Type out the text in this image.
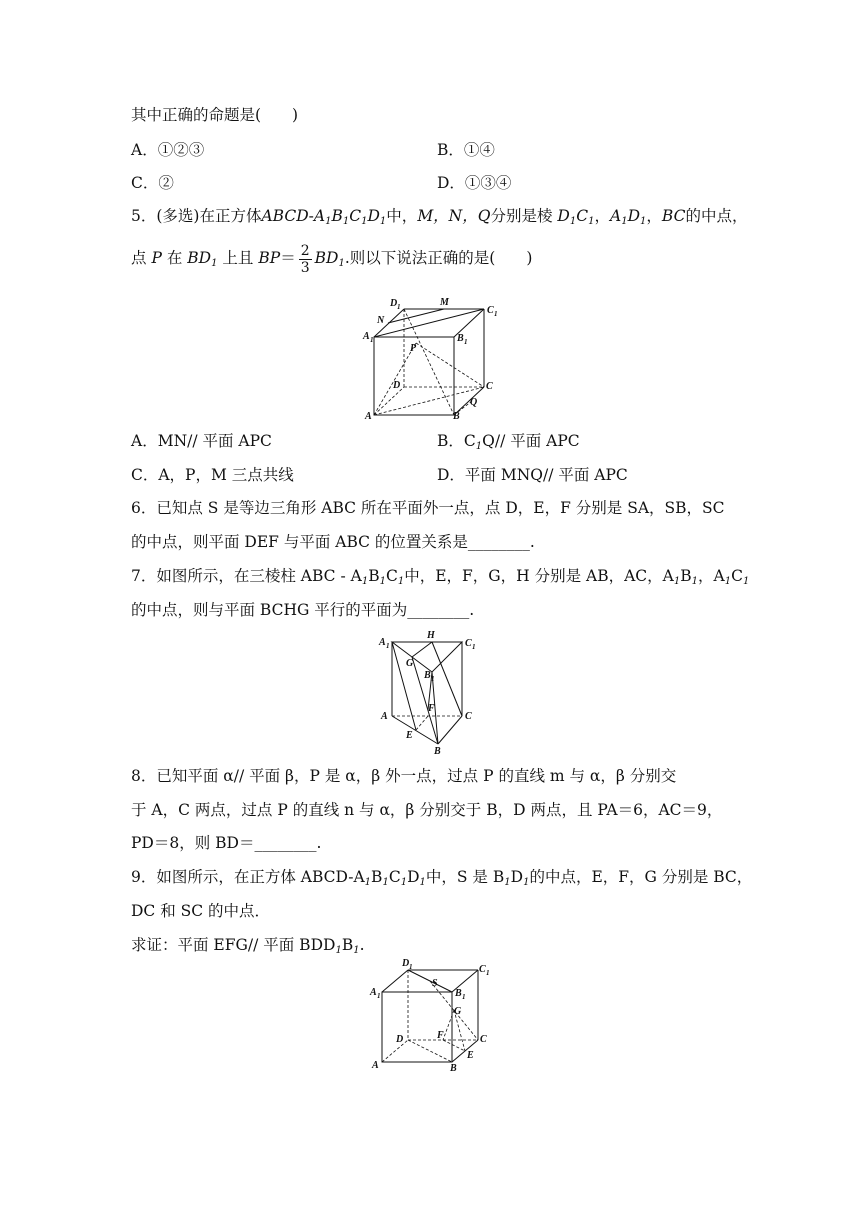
其中正确的命题是(　　)
A．①②③	B．①④
C．②	D．①③④
5．(多选)在正方体ABCD-$A_1B_1C_1D_1$中，M，N，Q分别是棱 $D_1C_1$，$A_1D_1$，BC的中点，
点 P 在 $BD_1$ 上且 $BP= \frac{2}{3} BD_1$.则以下说法正确的是(　　)
D 1	M
C 1
N
A 1
P
B 1
D	C
A	B
Q
A．MN// 平面 APC	B．$C_1Q//$ 平面 APC
C．A，P，M 三点共线	D．平面 MNQ// 平面 APC
6．已知点 S 是等边三角形 ABC 所在平面外一点，点 D，E，F 分别是 SA，SB，SC
的中点，则平面 DEF 与平面 ABC 的位置关系是________.
7．如图所示，在三棱柱 ABC - $A_1B_1C_1$中，E，F，G，H 分别是 AB，AC，$A_1B_1$，$A_1C_1$
的中点，则与平面 BCHG 平行的平面为________.
H
A 1	C 1
G
B 1
A
F
C
E
B
8．已知平面 α// 平面 β，P 是 α，β 外一点，过点 P 的直线 m 与 α，β 分别交
于 A，C 两点，过点 P 的直线 n 与 α，β 分别交于 B，D 两点，且 PA＝6，AC＝9，
PD＝8，则 BD＝________.
9．如图所示，在正方体 ABCD-$A_1B_1C_1D_1$中，S 是 $B_1D_1$的中点，E，F，G 分别是 BC，
DC 和 SC 的中点．
求证：平面 EFG// 平面 $BDD_1B_1$.
D 1	C 1
A 1
S
B 1
G
F
D	C
E
A	B
